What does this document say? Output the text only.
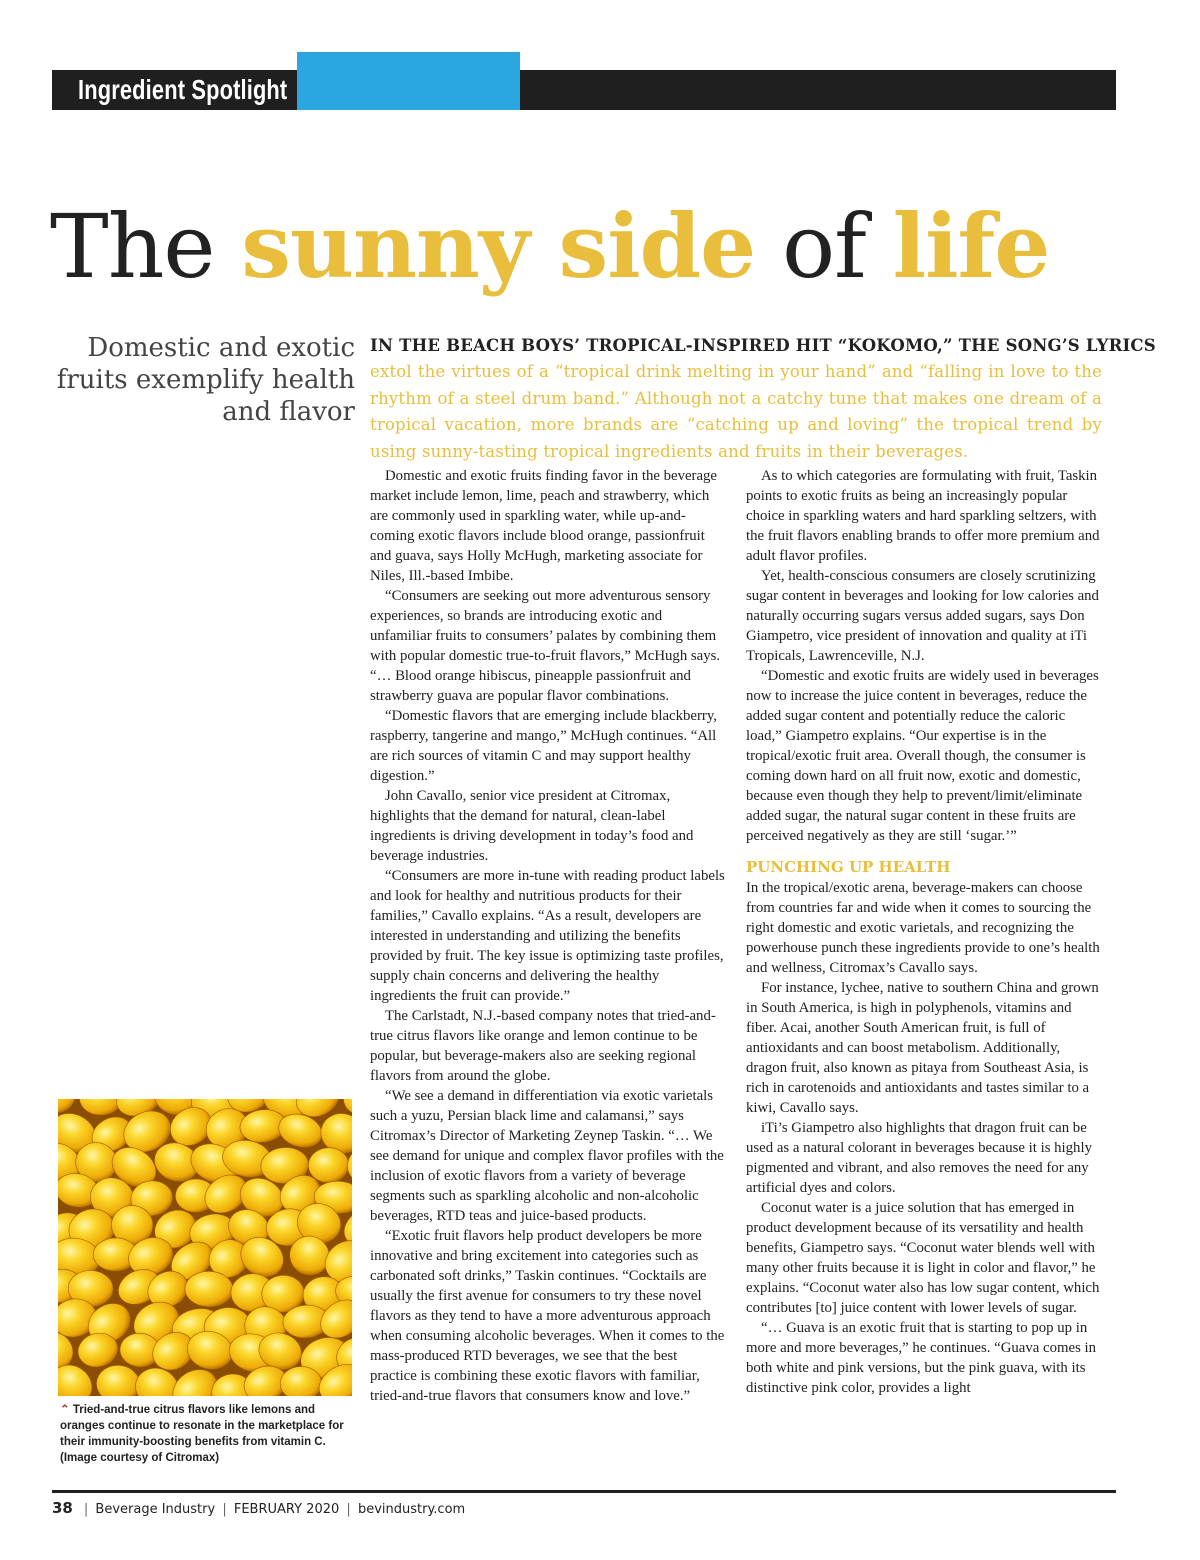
Ingredient Spotlight
The sunny side of life
Domestic and exotic fruits exemplify health and flavor
IN THE BEACH BOYS’ TROPICAL-INSPIRED HIT “KOKOMO,” THE SONG’S LYRICS
extol the virtues of a “tropical drink melting in your hand” and “falling in love to the rhythm of a steel drum band.” Although not a catchy tune that makes one dream of a tropical vacation, more brands are “catching up and loving” the tropical trend by using sunny-tasting tropical ingredients and fruits in their beverages.

Domestic and exotic fruits finding favor in the beverage market include lemon, lime, peach and strawberry, which are commonly used in sparkling water, while up-and-coming exotic flavors include blood orange, passionfruit and guava, says Holly McHugh, marketing associate for Niles, Ill.-based Imbibe.

“Consumers are seeking out more adventurous sensory experiences, so brands are introducing exotic and unfamiliar fruits to consumers’ palates by combining them with popular domestic true-to-fruit flavors,” McHugh says. “… Blood orange hibiscus, pineapple passionfruit and strawberry guava are popular flavor combinations.

“Domestic flavors that are emerging include blackberry, raspberry, tangerine and mango,” McHugh continues. “All are rich sources of vitamin C and may support healthy digestion.”

John Cavallo, senior vice president at Citromax, highlights that the demand for natural, clean-label ingredients is driving development in today’s food and beverage industries.

“Consumers are more in-tune with reading product labels and look for healthy and nutritious products for their families,” Cavallo explains. “As a result, developers are interested in understanding and utilizing the benefits provided by fruit. The key issue is optimizing taste profiles, supply chain concerns and delivering the healthy ingredients the fruit can provide.”

The Carlstadt, N.J.-based company notes that tried-and-true citrus flavors like orange and lemon continue to be popular, but beverage-makers also are seeking regional flavors from around the globe.

“We see a demand in differentiation via exotic varietals such a yuzu, Persian black lime and calamansi,” says Citromax’s Director of Marketing Zeynep Taskin. “… We see demand for unique and complex flavor profiles with the inclusion of exotic flavors from a variety of beverage segments such as sparkling alcoholic and non-alcoholic beverages, RTD teas and juice-based products.

“Exotic fruit flavors help product developers be more innovative and bring excitement into categories such as carbonated soft drinks,” Taskin continues. “Cocktails are usually the first avenue for consumers to try these novel flavors as they tend to have a more adventurous approach when consuming alcoholic beverages. When it comes to the mass-produced RTD beverages, we see that the best practice is combining these exotic flavors with familiar, tried-and-true flavors that consumers know and love.”

As to which categories are formulating with fruit, Taskin points to exotic fruits as being an increasingly popular choice in sparkling waters and hard sparkling seltzers, with the fruit flavors enabling brands to offer more premium and adult flavor profiles.

Yet, health-conscious consumers are closely scrutinizing sugar content in beverages and looking for low calories and naturally occurring sugars versus added sugars, says Don Giampetro, vice president of innovation and quality at iTi Tropicals, Lawrenceville, N.J.

“Domestic and exotic fruits are widely used in beverages now to increase the juice content in beverages, reduce the added sugar content and potentially reduce the caloric load,” Giampetro explains. “Our expertise is in the tropical/exotic fruit area. Overall though, the consumer is coming down hard on all fruit now, exotic and domestic, because even though they help to prevent/limit/eliminate added sugar, the natural sugar content in these fruits are perceived negatively as they are still ‘sugar.’”

PUNCHING UP HEALTH

In the tropical/exotic arena, beverage-makers can choose from countries far and wide when it comes to sourcing the right domestic and exotic varietals, and recognizing the powerhouse punch these ingredients provide to one’s health and wellness, Citromax’s Cavallo says.

For instance, lychee, native to southern China and grown in South America, is high in polyphenols, vitamins and fiber. Acai, another South American fruit, is full of antioxidants and can boost metabolism. Additionally, dragon fruit, also known as pitaya from Southeast Asia, is rich in carotenoids and antioxidants and tastes similar to a kiwi, Cavallo says.

iTi’s Giampetro also highlights that dragon fruit can be used as a natural colorant in beverages because it is highly pigmented and vibrant, and also removes the need for any artificial dyes and colors.

Coconut water is a juice solution that has emerged in product development because of its versatility and health benefits, Giampetro says. “Coconut water blends well with many other fruits because it is light in color and flavor,” he explains. “Coconut water also has low sugar content, which contributes [to] juice content with lower levels of sugar.

“… Guava is an exotic fruit that is starting to pop up in more and more beverages,” he continues. “Guava comes in both white and pink versions, but the pink guava, with its distinctive pink color, provides a light

⌃ Tried-and-true citrus flavors like lemons and oranges continue to resonate in the marketplace for their immunity-boosting benefits from vitamin C. (Image courtesy of Citromax)
38 | Beverage Industry | FEBRUARY 2020 | bevindustry.com
